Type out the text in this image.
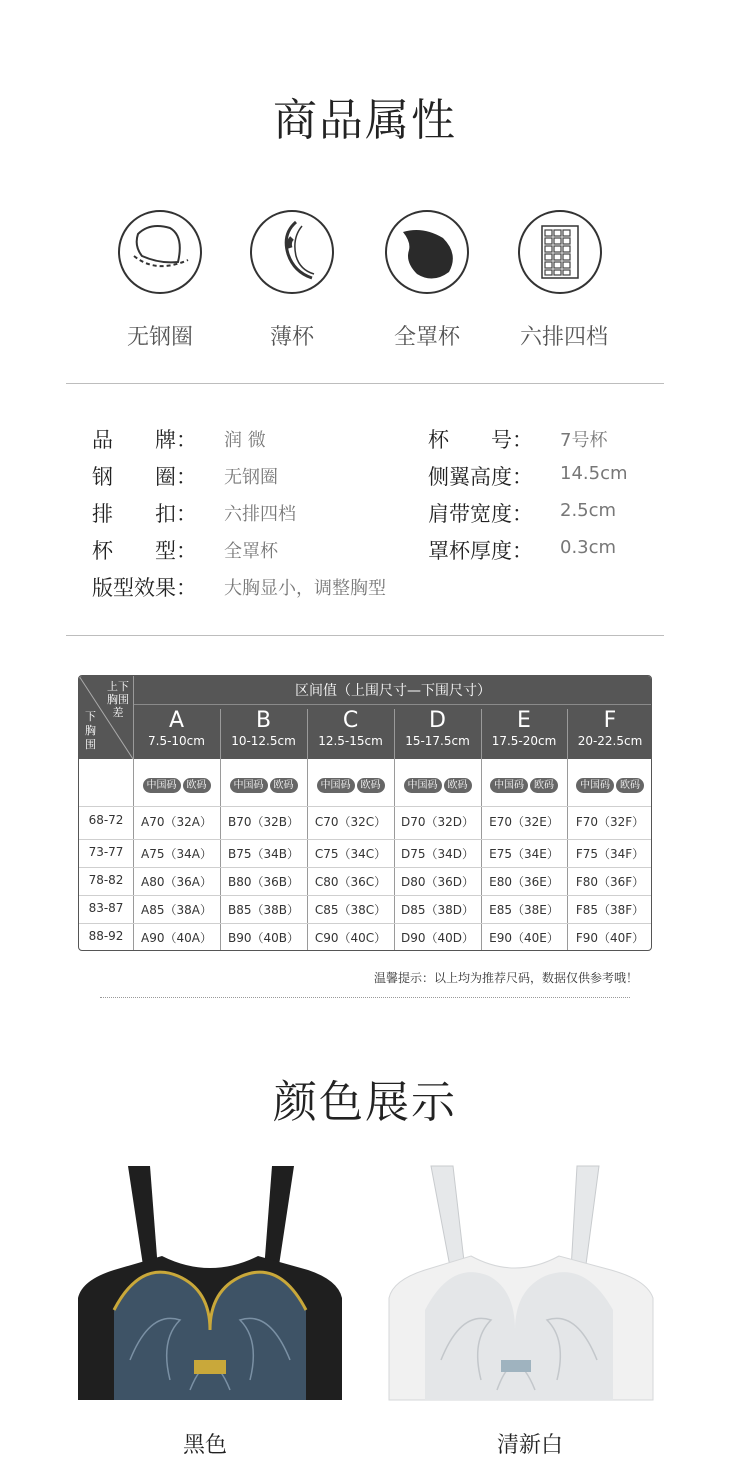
商品属性
无钢圈	薄杯	全罩杯	六排四档
品　　牌： 润 微
钢　　圈： 无钢圈
排　　扣： 六排四档
杯　　型： 全罩杯
版型效果： 大胸显小，调整胸型
杯　　号： 7号杯
侧翼高度： 14.5cm
肩带宽度： 2.5cm
罩杯厚度： 0.3cm
上下胸围差
下胸围
区间值（上围尺寸—下围尺寸）
A
7.5-10cm
B
10-12.5cm
C
12.5-15cm
D
15-17.5cm
E
17.5-20cm
F
20-22.5cm
中国码 欧码	中国码 欧码	中国码 欧码	中国码 欧码	中国码 欧码	中国码 欧码
68-72	A70（32A）	B70（32B）	C70（32C）	D70（32D）	E70（32E）	F70（32F）
73-77	A75（34A）	B75（34B）	C75（34C）	D75（34D）	E75（34E）	F75（34F）
78-82	A80（36A）	B80（36B）	C80（36C）	D80（36D）	E80（36E）	F80（36F）
83-87	A85（38A）	B85（38B）	C85（38C）	D85（38D）	E85（38E）	F85（38F）
88-92	A90（40A）	B90（40B）	C90（40C）	D90（40D）	E90（40E）	F90（40F）
温馨提示：以上均为推荐尺码，数据仅供参考哦！
颜色展示
黑色	清新白
